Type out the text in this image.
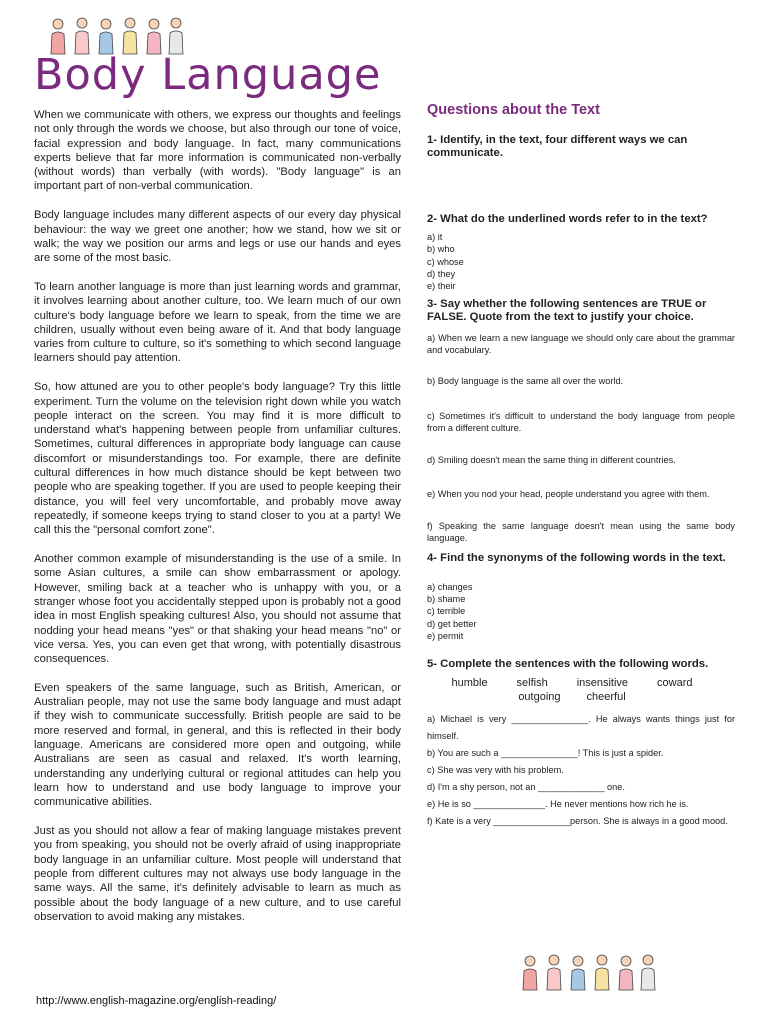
Body Language

When we communicate with others, we express our thoughts and feelings not only through the words we choose, but also through our tone of voice, facial expression and body language. In fact, many communications experts believe that far more information is communicated non-verbally (without words) than verbally (with words). "Body language" is an important part of non-verbal communication.

Body language includes many different aspects of our every day physical behaviour: the way we greet one another; how we stand, how we sit or walk; the way we position our arms and legs or use our hands and eyes are some of the most basic.

To learn another language is more than just learning words and grammar, it involves learning about another culture, too. We learn much of our own culture's body language before we learn to speak, from the time we are children, usually without even being aware of it. And that body language varies from culture to culture, so it's something to which second language learners should pay attention.

So, how attuned are you to other people's body language? Try this little experiment. Turn the volume on the television right down while you watch people interact on the screen. You may find it is more difficult to understand what's happening between people from unfamiliar cultures. Sometimes, cultural differences in appropriate body language can cause discomfort or misunderstandings too. For example, there are definite cultural differences in how much distance should be kept between two people who are speaking together. If you are used to people keeping their distance, you will feel very uncomfortable, and probably move away repeatedly, if someone keeps trying to stand closer to you at a party! We call this the "personal comfort zone".

Another common example of misunderstanding is the use of a smile. In some Asian cultures, a smile can show embarrassment or apology. However, smiling back at a teacher who is unhappy with you, or a stranger whose foot you accidentally stepped upon is probably not a good idea in most English speaking cultures! Also, you should not assume that nodding your head means "yes" or that shaking your head means "no" or vice versa. Yes, you can even get that wrong, with potentially disastrous consequences.

Even speakers of the same language, such as British, American, or Australian people, may not use the same body language and must adapt if they wish to communicate successfully. British people are said to be more reserved and formal, in general, and this is reflected in their body language. Americans are considered more open and outgoing, while Australians are seen as casual and relaxed. It's worth learning, understanding any underlying cultural or regional attitudes can help you learn how to understand and use body language to improve your communicative abilities.

Just as you should not allow a fear of making language mistakes prevent you from speaking, you should not be overly afraid of using inappropriate body language in an unfamiliar culture. Most people will understand that people from different cultures may not always use body language in the same ways. All the same, it's definitely advisable to learn as much as possible about the body language of a new culture, and to use careful observation to avoid making any mistakes.

Questions about the Text

1- Identify, in the text, four different ways we can communicate.

2- What do the underlined words refer to in the text?

a) it
b) who
c) whose
d) they
e) their

3- Say whether the following sentences are TRUE or FALSE. Quote from the text to justify your choice.

a) When we learn a new language we should only care about the grammar and vocabulary.

b) Body language is the same all over the world.

c) Sometimes it's difficult to understand the body language from people from a different culture.

d) Smiling doesn't mean the same thing in different countries.

e) When you nod your head, people understand you agree with them.

f) Speaking the same language doesn't mean using the same body language.

4- Find the synonyms of the following words in the text.

a) changes
b) shame
c) terrible
d) get better
e) permit

5- Complete the sentences with the following words.

humble	selfish	insensitive	coward
outgoing cheerful

a) Michael is very _______________. He always wants things just for himself.

b) You are such a _______________! This is just a spider.

c) She was very with his problem.

d) I'm a shy person, not an _____________ one.

e) He is so ______________. He never mentions how rich he is.

f) Kate is a very _______________person. She is always in a good mood.

http://www.english-magazine.org/english-reading/
